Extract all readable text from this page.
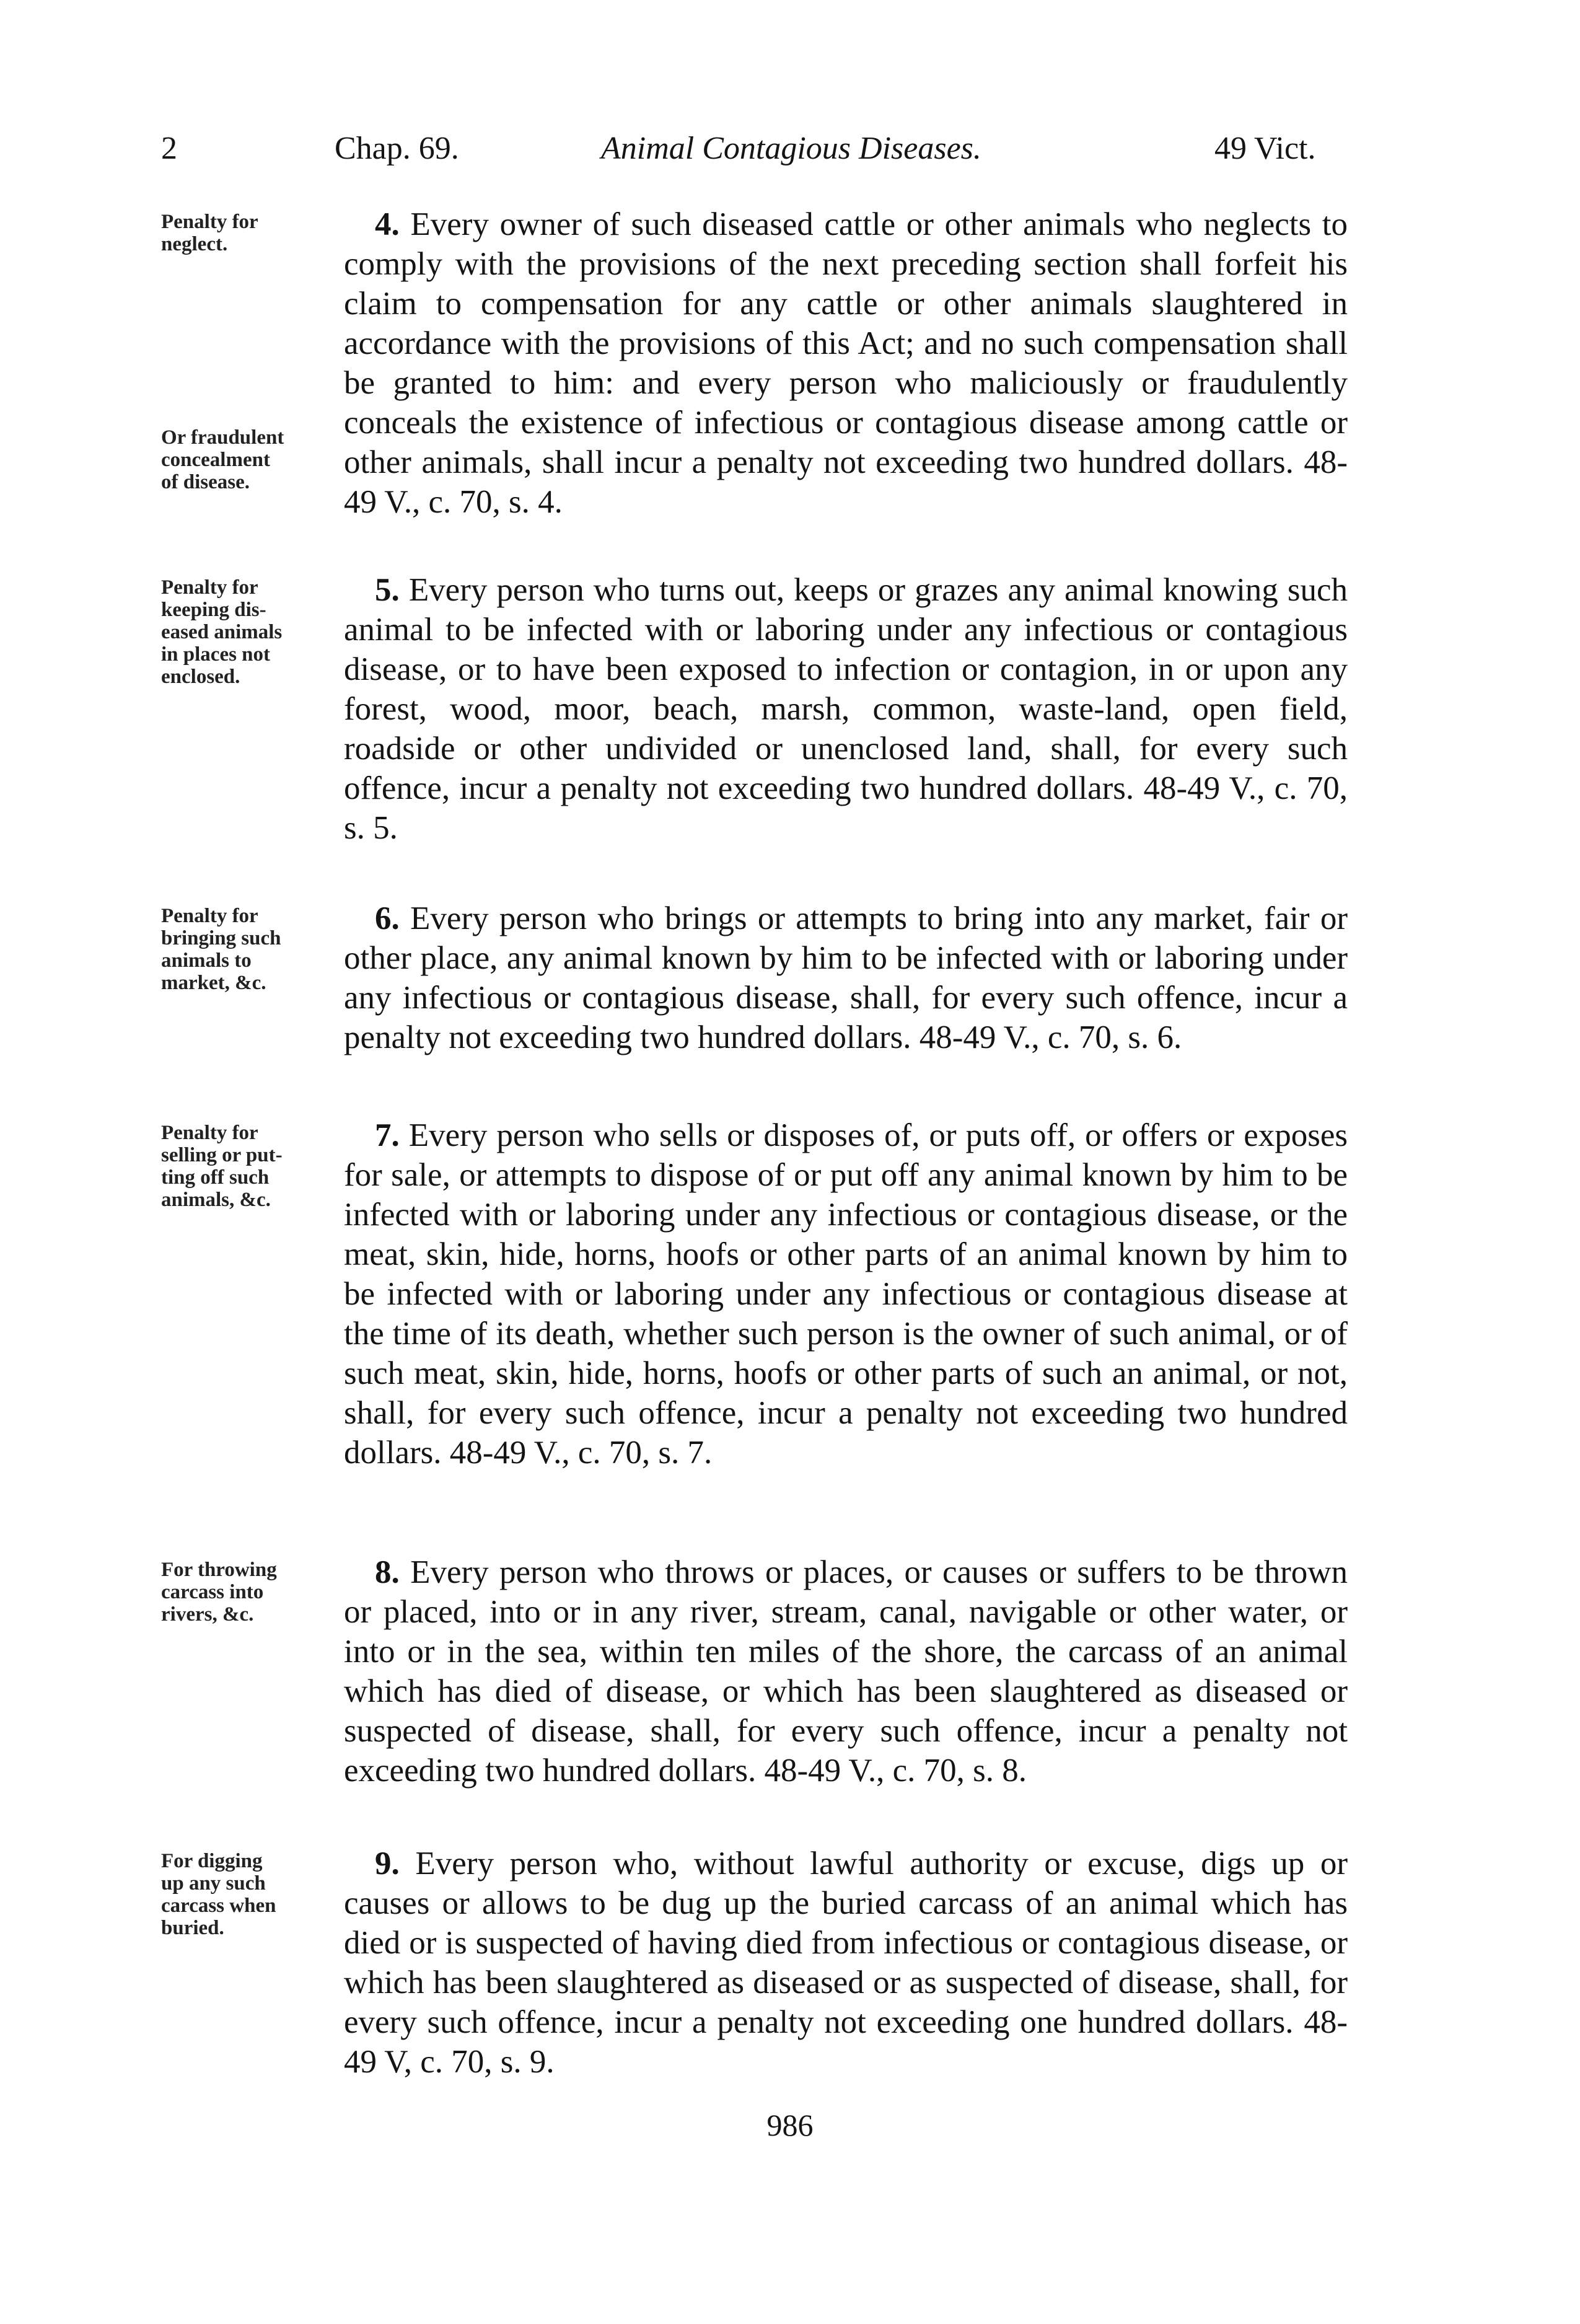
2	Chap. 69.	Animal Contagious Diseases.	49 Vict.
Penalty for
neglect.
Or fraudulent
concealment
of disease.

4. Every owner of such diseased cattle or other animals who neglects to comply with the provisions of the next preceding section shall forfeit his claim to compensation for any cattle or other animals slaughtered in accordance with the provisions of this Act; and no such compensation shall be granted to him: and every person who maliciously or fraudulently conceals the existence of infectious or contagious disease among cattle or other animals, shall incur a penalty not exceeding two hundred dollars. 48-49 V., c. 70, s. 4.

Penalty for
keeping dis-
eased animals
in places not
enclosed.

5. Every person who turns out, keeps or grazes any animal knowing such animal to be infected with or laboring under any infectious or contagious disease, or to have been exposed to infection or contagion, in or upon any forest, wood, moor, beach, marsh, common, waste-land, open field, roadside or other undivided or unenclosed land, shall, for every such offence, incur a penalty not exceeding two hundred dollars. 48-49 V., c. 70, s. 5.

Penalty for
bringing such
animals to
market, &c.

6. Every person who brings or attempts to bring into any market, fair or other place, any animal known by him to be infected with or laboring under any infectious or contagious disease, shall, for every such offence, incur a penalty not exceeding two hundred dollars. 48-49 V., c. 70, s. 6.

Penalty for
selling or put-
ting off such
animals, &c.

7. Every person who sells or disposes of, or puts off, or offers or exposes for sale, or attempts to dispose of or put off any animal known by him to be infected with or laboring under any infectious or contagious disease, or the meat, skin, hide, horns, hoofs or other parts of an animal known by him to be infected with or laboring under any infectious or contagious disease at the time of its death, whether such person is the owner of such animal, or of such meat, skin, hide, horns, hoofs or other parts of such an animal, or not, shall, for every such offence, incur a penalty not exceeding two hundred dollars. 48-49 V., c. 70, s. 7.

For throwing
carcass into
rivers, &c.

8. Every person who throws or places, or causes or suffers to be thrown or placed, into or in any river, stream, canal, navigable or other water, or into or in the sea, within ten miles of the shore, the carcass of an animal which has died of disease, or which has been slaughtered as diseased or suspected of disease, shall, for every such offence, incur a penalty not exceeding two hundred dollars. 48-49 V., c. 70, s. 8.

For digging
up any such
carcass when
buried.

9. Every person who, without lawful authority or excuse, digs up or causes or allows to be dug up the buried carcass of an animal which has died or is suspected of having died from infectious or contagious disease, or which has been slaughtered as diseased or as suspected of disease, shall, for every such offence, incur a penalty not exceeding one hundred dollars. 48-49 V, c. 70, s. 9.

986
